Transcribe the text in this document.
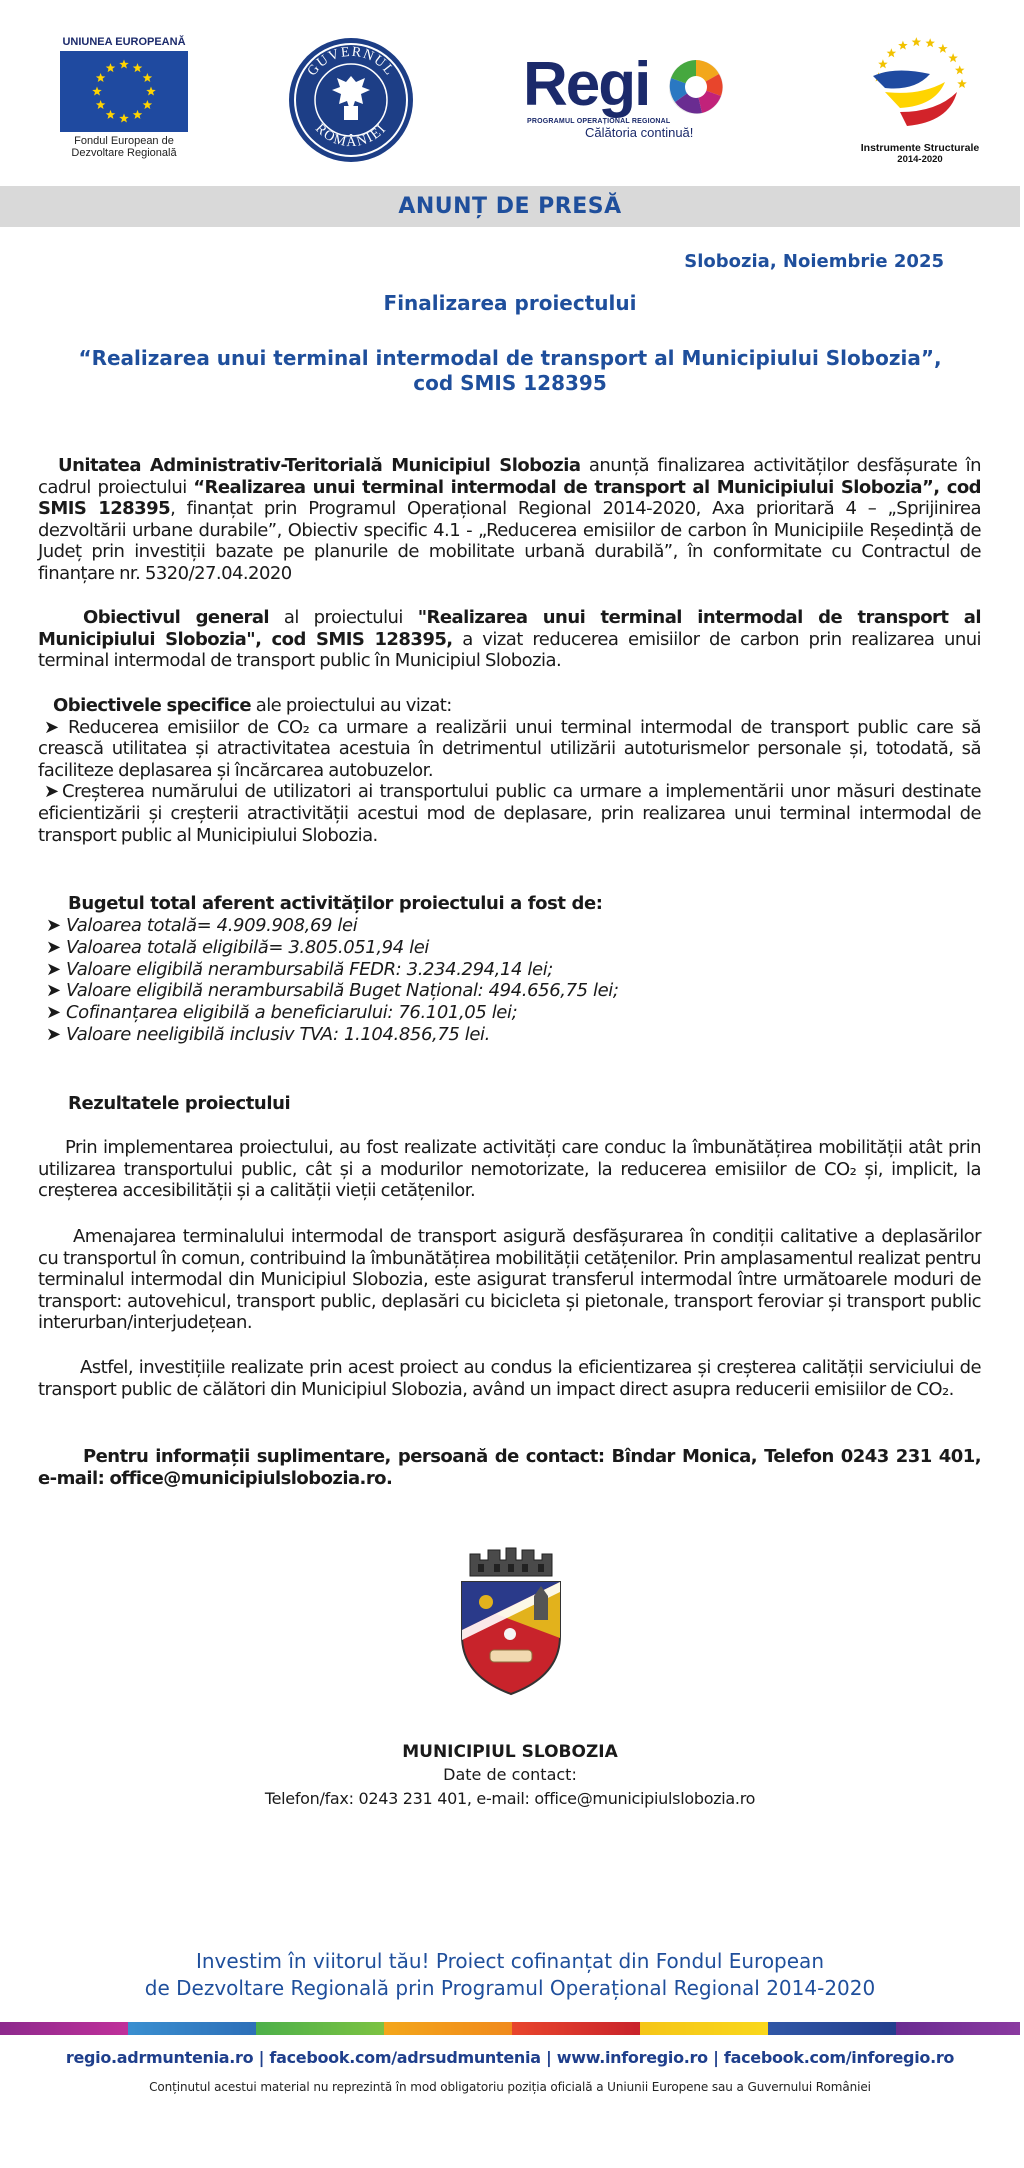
UNIUNEA EUROPEANĂ
Fondul European de
Dezvoltare Regională
GUVERNUL
ROMÂNIEI
Regi
PROGRAMUL OPERAȚIONAL REGIONAL
Călătoria continuă!
Instrumente Structurale
2014-2020
ANUNȚ DE PRESĂ
Slobozia, Noiembrie 2025
Finalizarea proiectului
“Realizarea unui terminal intermodal de transport al Municipiului Slobozia”,
cod SMIS 128395
Unitatea Administrativ-Teritorială Municipiul Slobozia anunță finalizarea activităților desfășurate în cadrul proiectului “Realizarea unui terminal intermodal de transport al Municipiului Slobozia”, cod SMIS 128395, finanțat prin Programul Operațional Regional 2014-2020, Axa prioritară 4 – „Sprijinirea dezvoltării urbane durabile”, Obiectiv specific 4.1 - „Reducerea emisiilor de carbon în Municipiile Reședință de Județ prin investiții bazate pe planurile de mobilitate urbană durabilă”, în conformitate cu Contractul de finanțare nr. 5320/27.04.2020
Obiectivul general al proiectului "Realizarea unui terminal intermodal de transport al Municipiului Slobozia", cod SMIS 128395, a vizat reducerea emisiilor de carbon prin realizarea unui terminal intermodal de transport public în Municipiul Slobozia.
Obiectivele specifice ale proiectului au vizat:
➤ Reducerea emisiilor de CO₂ ca urmare a realizării unui terminal intermodal de transport public care să crească utilitatea și atractivitatea acestuia în detrimentul utilizării autoturismelor personale și, totodată, să faciliteze deplasarea și încărcarea autobuzelor.
➤ Creșterea numărului de utilizatori ai transportului public ca urmare a implementării unor măsuri destinate eficientizării și creșterii atractivității acestui mod de deplasare, prin realizarea unui terminal intermodal de transport public al Municipiului Slobozia.
Bugetul total aferent activităților proiectului a fost de:
➤ Valoarea totală= 4.909.908,69 lei
➤ Valoarea totală eligibilă= 3.805.051,94 lei
➤ Valoare eligibilă nerambursabilă FEDR: 3.234.294,14 lei;
➤ Valoare eligibilă nerambursabilă Buget Național: 494.656,75 lei;
➤ Cofinanțarea eligibilă a beneficiarului: 76.101,05 lei;
➤ Valoare neeligibilă inclusiv TVA: 1.104.856,75 lei.
Rezultatele proiectului
Prin implementarea proiectului, au fost realizate activități care conduc la îmbunătățirea mobilității atât prin utilizarea transportului public, cât și a modurilor nemotorizate, la reducerea emisiilor de CO₂ și, implicit, la creșterea accesibilității și a calității vieții cetățenilor.
Amenajarea terminalului intermodal de transport asigură desfășurarea în condiții calitative a deplasărilor cu transportul în comun, contribuind la îmbunătățirea mobilității cetățenilor. Prin amplasamentul realizat pentru terminalul intermodal din Municipiul Slobozia, este asigurat transferul intermodal între următoarele moduri de transport: autovehicul, transport public, deplasări cu bicicleta și pietonale, transport feroviar și transport public interurban/interjudețean.
Astfel, investițiile realizate prin acest proiect au condus la eficientizarea și creșterea calității serviciului de transport public de călători din Municipiul Slobozia, având un impact direct asupra reducerii emisiilor de CO₂.
Pentru informații suplimentare, persoană de contact: Bîndar Monica, Telefon 0243 231 401, e-mail: office@municipiulslobozia.ro.
MUNICIPIUL SLOBOZIA
Date de contact:
Telefon/fax: 0243 231 401, e-mail: office@municipiulslobozia.ro
Investim în viitorul tău! Proiect cofinanțat din Fondul European
de Dezvoltare Regională prin Programul Operațional Regional 2014-2020
regio.adrmuntenia.ro | facebook.com/adrsudmuntenia | www.inforegio.ro | facebook.com/inforegio.ro
Conținutul acestui material nu reprezintă în mod obligatoriu poziția oficială a Uniunii Europene sau a Guvernului României
